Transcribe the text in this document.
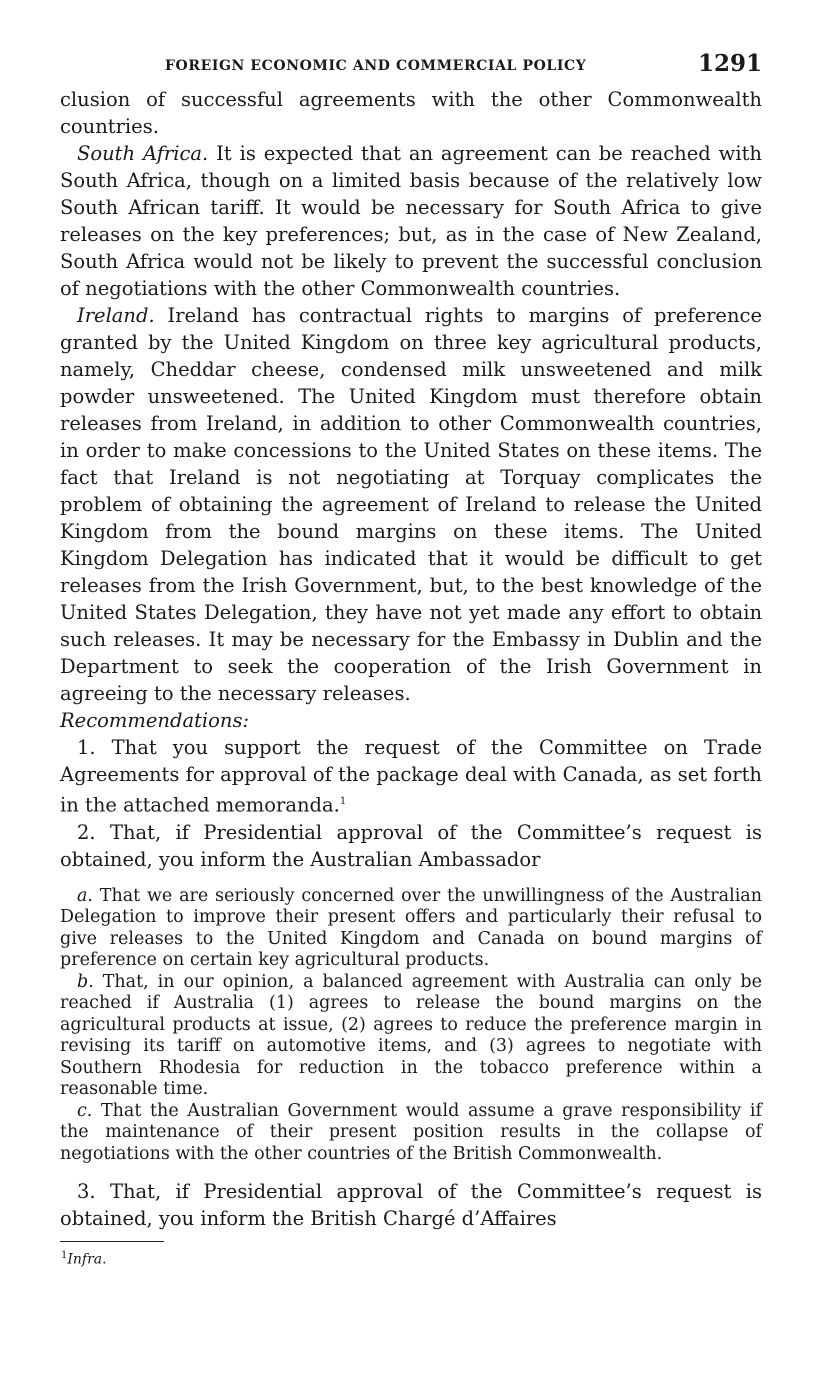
FOREIGN ECONOMIC AND COMMERCIAL POLICY	1291

clusion of successful agreements with the other Commonwealth countries.

South Africa. It is expected that an agreement can be reached with South Africa, though on a limited basis because of the relatively low South African tariff. It would be necessary for South Africa to give releases on the key preferences; but, as in the case of New Zealand, South Africa would not be likely to prevent the successful conclusion of negotiations with the other Commonwealth countries.

Ireland. Ireland has contractual rights to margins of preference granted by the United Kingdom on three key agricultural products, namely, Cheddar cheese, condensed milk unsweetened and milk powder unsweetened. The United Kingdom must therefore obtain releases from Ireland, in addition to other Commonwealth countries, in order to make concessions to the United States on these items. The fact that Ireland is not negotiating at Torquay complicates the problem of obtaining the agreement of Ireland to release the United Kingdom from the bound margins on these items. The United Kingdom Delegation has indicated that it would be difficult to get releases from the Irish Government, but, to the best knowledge of the United States Delegation, they have not yet made any effort to obtain such releases. It may be necessary for the Embassy in Dublin and the Department to seek the cooperation of the Irish Government in agreeing to the necessary releases.

Recommendations:

1. That you support the request of the Committee on Trade Agreements for approval of the package deal with Canada, as set forth in the attached memoranda.$^1$

2. That, if Presidential approval of the Committee’s request is obtained, you inform the Australian Ambassador

a. That we are seriously concerned over the unwillingness of the Australian Delegation to improve their present offers and particularly their refusal to give releases to the United Kingdom and Canada on bound margins of preference on certain key agricultural products.

b. That, in our opinion, a balanced agreement with Australia can only be reached if Australia (1) agrees to release the bound margins on the agricultural products at issue, (2) agrees to reduce the preference margin in revising its tariff on automotive items, and (3) agrees to negotiate with Southern Rhodesia for reduction in the tobacco preference within a reasonable time.

c. That the Australian Government would assume a grave responsibility if the maintenance of their present position results in the collapse of negotiations with the other countries of the British Commonwealth.

3. That, if Presidential approval of the Committee’s request is obtained, you inform the British Chargé d’Affaires

$^1$Infra.
